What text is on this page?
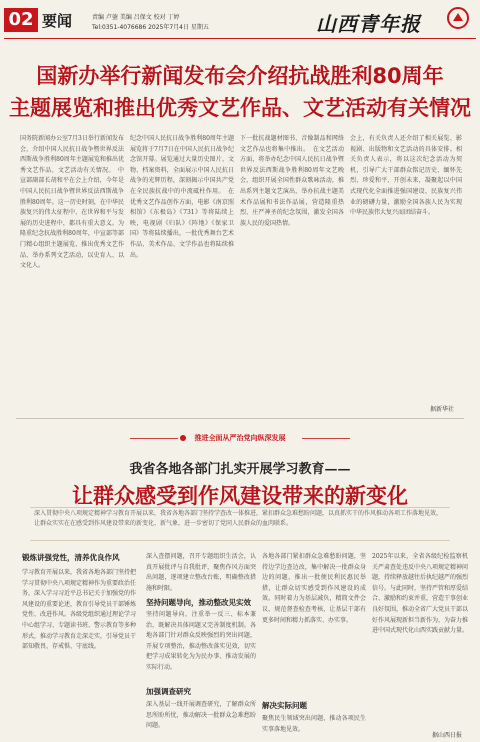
02 要闻	责编 卢蓥 美编 吕保文 校对 丁婷
Tel:0351-4076686 2025年7月4日 星期五	山西青年报
国新办举行新闻发布会介绍抗战胜利80周年
主题展览和推出优秀文艺作品、文艺活动有关情况
国务院新闻办公室7月3日举行新闻发布会，介绍中国人民抗日战争暨世界反法西斯战争胜利80周年主题展览和推出优秀文艺作品、文艺活动有关情况。　中宣部副部长胡和平在会上介绍，今年是中国人民抗日战争暨世界反法西斯战争胜利80周年。这一历史时刻，在中华民族复兴的伟大征程中、在世界和平与发展的历史进程中，都具有重大意义。为隆重纪念抗战胜利80周年，中宣部等部门精心组织主题展览、推出优秀文艺作品、举办系列文艺活动，以史育人、以文化人。
纪念中国人民抗日战争胜利80周年主题展览将于7月7日在中国人民抗日战争纪念馆开幕。展览通过大量历史图片、文物、档案资料，全面展示中国人民抗日战争的光辉历程，深刻揭示中国共产党在全民族抗战中的中流砥柱作用。　在优秀文艺作品创作方面，电影《南京照相馆》《东极岛》《731》等将陆续上映，电视剧《归队》《阵地》《保家卫国》等将陆续播出，一批优秀舞台艺术作品、美术作品、文学作品也将陆续推出。
下一批抗战题材图书、音像制品和网络文艺作品也将集中推出。　在文艺活动方面，将举办纪念中国人民抗日战争暨世界反法西斯战争胜利80周年文艺晚会，组织开展全国性群众歌咏活动，推出系列主题文艺演出，举办抗战主题美术作品展和书法作品展，营造隆重热烈、庄严神圣的纪念氛围，激发全国各族人民的爱国热情。
会上，有关负责人还介绍了相关展览、影视剧、出版物和文艺活动的具体安排。相关负责人表示，将以这次纪念活动为契机，引导广大干部群众铭记历史、缅怀先烈、珍爱和平、开创未来，凝聚起以中国式现代化全面推进强国建设、民族复兴伟业的磅礴力量，激励全国各族人民为实现中华民族伟大复兴而团结奋斗。
据新华社
推进全面从严治党向纵深发展
我省各地各部门扎实开展学习教育——
让群众感受到作风建设带来的新变化
深入贯彻中央八项规定精神学习教育开展以来，我省各地各部门坚持学查改一体推进，紧扣群众急难愁盼问题，以真抓实干的作风推动各项工作落地见效，让群众实实在在感受到作风建设带来的新变化、新气象，进一步密切了党同人民群众的血肉联系。
锻炼讲强党性，清养优良作风
学习教育开展以来，我省各地各部门坚持把学习贯彻中央八项规定精神作为重要政治任务，深入学习习近平总书记关于加强党的作风建设的重要论述，教育引导党员干部锤炼党性、改进作风。各级党组织通过理论学习中心组学习、专题读书班、警示教育等多种形式，推动学习教育走深走实，引导党员干部知敬畏、存戒惧、守底线。
深入查摆问题，召开专题组织生活会，认真开展批评与自我批评，聚焦作风方面突出问题，逐项建立整改台账，明确整改措施和时限。
坚持问题导向，推动整改见实效
坚持问题导向，注重举一反三、标本兼治，既解决具体问题又完善制度机制。各地各部门针对群众反映强烈的突出问题，开展专项整治，推动整改落实见效，切实把学习成果转化为为民办事、推动发展的实际行动。
加强调查研究
深入基层一线开展调查研究，了解群众所思所盼所忧，推动解决一批群众急难愁盼问题。
各地各部门紧扣群众急难愁盼问题，坚持边学边查边改，集中解决一批群众身边的问题，推出一批便民利民惠民举措，让群众切实感受到作风建设的成效。同时着力为基层减负，精简文件会议，规范督查检查考核，让基层干部有更多时间和精力抓落实、办实事。
解决实际问题
聚焦民生领域突出问题，推动各项民生实事落地见效。
2025年以来，全省各级纪检监察机关严肃查处违反中央八项规定精神问题，持续释放越往后执纪越严的强烈信号。与此同时，坚持严管和厚爱结合、激励和约束并重，营造干事创业良好氛围，推动全省广大党员干部以好作风展现新担当新作为，为奋力推进中国式现代化山西实践贡献力量。
据山西日报
